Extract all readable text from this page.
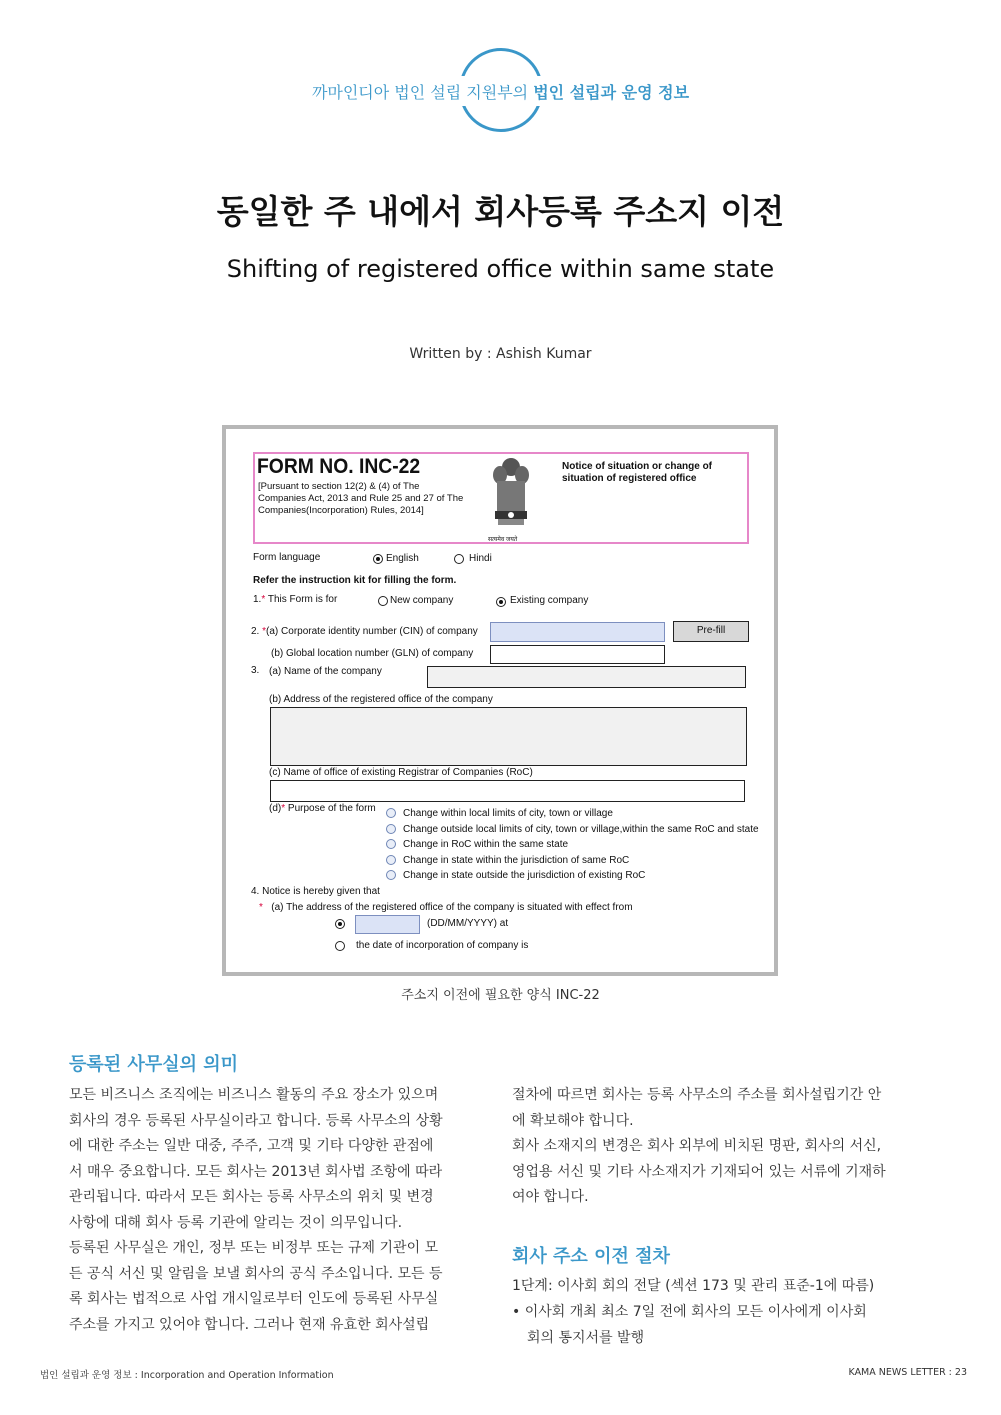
까마인디아 법인 설립 지원부의 법인 설립과 운영 정보
동일한 주 내에서 회사등록 주소지 이전
Shifting of registered office within same state
Written by : Ashish Kumar
FORM NO. INC-22
[Pursuant to section 12(2) & (4) of The Companies Act, 2013 and Rule 25 and 27 of The Companies(Incorporation) Rules, 2014]
सत्यमेव जयते
Notice of situation or change of situation of registered office
Form language	English	Hindi
Refer the instruction kit for filling the form.
1.* This Form is for	New company	Existing company
2. *(a) Corporate identity number (CIN) of company	Pre-fill
(b) Global location number (GLN) of company
3. (a) Name of the company
(b) Address of the registered office of the company
(c) Name of office of existing Registrar of Companies (RoC)
(d)* Purpose of the form	Change within local limits of city, town or village
Change outside local limits of city, town or village,within the same RoC and state
Change in RoC within the same state
Change in state within the jurisdiction of same RoC
Change in state outside the jurisdiction of existing RoC
4. Notice is hereby given that
* (a) The address of the registered office of the company is situated with effect from
(DD/MM/YYYY) at
the date of incorporation of company is
주소지 이전에 필요한 양식 INC-22
등록된 사무실의 의미

모든 비즈니스 조직에는 비즈니스 활동의 주요 장소가 있으며

회사의 경우 등록된 사무실이라고 합니다. 등록 사무소의 상황

에 대한 주소는 일반 대중, 주주, 고객 및 기타 다양한 관점에

서 매우 중요합니다. 모든 회사는 2013년 회사법 조항에 따라

관리됩니다. 따라서 모든 회사는 등록 사무소의 위치 및 변경

사항에 대해 회사 등록 기관에 알리는 것이 의무입니다.

등록된 사무실은 개인, 정부 또는 비정부 또는 규제 기관이 모

든 공식 서신 및 알림을 보낼 회사의 공식 주소입니다. 모든 등

록 회사는 법적으로 사업 개시일로부터 인도에 등록된 사무실

주소를 가지고 있어야 합니다. 그러나 현재 유효한 회사설립

절차에 따르면 회사는 등록 사무소의 주소를 회사설립기간 안

에 확보해야 합니다.

회사 소재지의 변경은 회사 외부에 비치된 명판, 회사의 서신,

영업용 서신 및 기타 사소재지가 기재되어 있는 서류에 기재하

여야 합니다.

회사 주소 이전 절차
1단계: 이사회 회의 전달 (섹션 173 및 관리 표준-1에 따름)
• 이사회 개최 최소 7일 전에 회사의 모든 이사에게 이사회
회의 통지서를 발행
법인 설립과 운영 정보 : Incorporation and Operation Information	KAMA NEWS LETTER : 23
